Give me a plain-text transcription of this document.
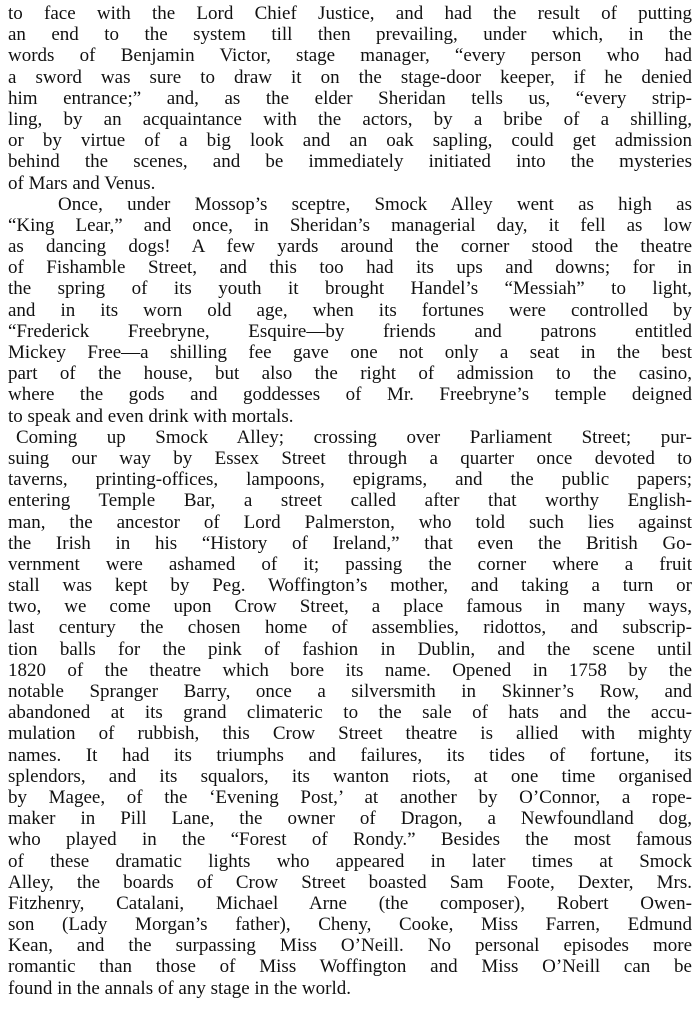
to face with the Lord Chief Justice, and had the result of putting
an end to the system till then prevailing, under which, in the
words of Benjamin Victor, stage manager, “every person who had
a sword was sure to draw it on the stage-door keeper, if he denied
him entrance;” and, as the elder Sheridan tells us, “every strip-
ling, by an acquaintance with the actors, by a bribe of a shilling,
or by virtue of a big look and an oak sapling, could get admission
behind the scenes, and be immediately initiated into the mysteries
of Mars and Venus.
Once, under Mossop’s sceptre, Smock Alley went as high as
“King Lear,” and once, in Sheridan’s managerial day, it fell as low
as dancing dogs! A few yards around the corner stood the theatre
of Fishamble Street, and this too had its ups and downs; for in
the spring of its youth it brought Handel’s “Messiah” to light,
and in its worn old age, when its fortunes were controlled by
“Frederick Freebryne, Esquire—by friends and patrons entitled
Mickey Free—a shilling fee gave one not only a seat in the best
part of the house, but also the right of admission to the casino,
where the gods and goddesses of Mr. Freebryne’s temple deigned
to speak and even drink with mortals.
Coming up Smock Alley; crossing over Parliament Street; pur-
suing our way by Essex Street through a quarter once devoted to
taverns, printing-offices, lampoons, epigrams, and the public papers;
entering Temple Bar, a street called after that worthy English-
man, the ancestor of Lord Palmerston, who told such lies against
the Irish in his “History of Ireland,” that even the British Go-
vernment were ashamed of it; passing the corner where a fruit
stall was kept by Peg. Woffington’s mother, and taking a turn or
two, we come upon Crow Street, a place famous in many ways,
last century the chosen home of assemblies, ridottos, and subscrip-
tion balls for the pink of fashion in Dublin, and the scene until
1820 of the theatre which bore its name. Opened in 1758 by the
notable Spranger Barry, once a silversmith in Skinner’s Row, and
abandoned at its grand climateric to the sale of hats and the accu-
mulation of rubbish, this Crow Street theatre is allied with mighty
names. It had its triumphs and failures, its tides of fortune, its
splendors, and its squalors, its wanton riots, at one time organised
by Magee, of the ‘Evening Post,’ at another by O’Connor, a rope-
maker in Pill Lane, the owner of Dragon, a Newfoundland dog,
who played in the “Forest of Rondy.” Besides the most famous
of these dramatic lights who appeared in later times at Smock
Alley, the boards of Crow Street boasted Sam Foote, Dexter, Mrs.
Fitzhenry, Catalani, Michael Arne (the composer), Robert Owen-
son (Lady Morgan’s father), Cheny, Cooke, Miss Farren, Edmund
Kean, and the surpassing Miss O’Neill. No personal episodes more
romantic than those of Miss Woffington and Miss O’Neill can be
found in the annals of any stage in the world.
